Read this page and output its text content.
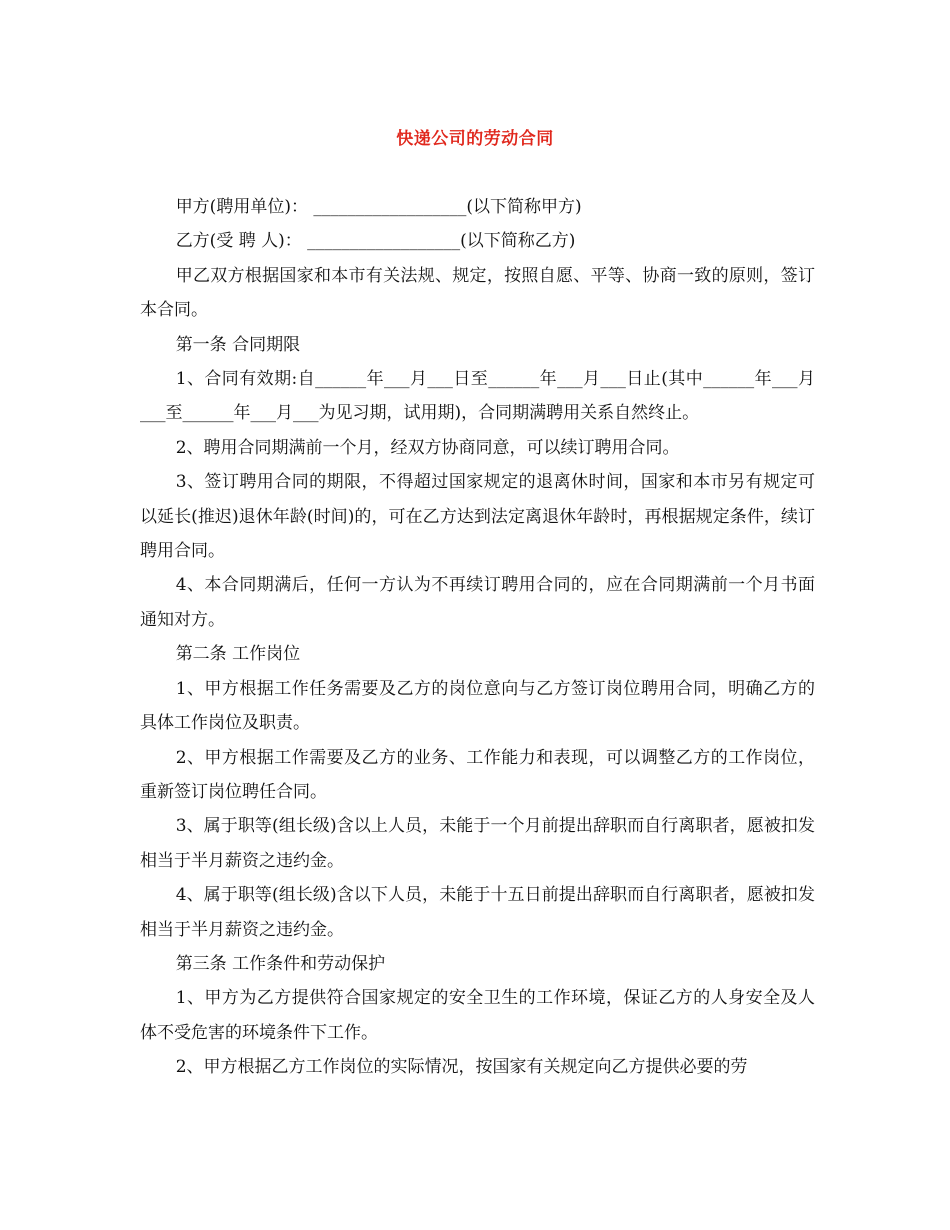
快递公司的劳动合同

甲方(聘用单位)： __________________(以下简称甲方)

乙方(受 聘 人)： __________________(以下简称乙方)

甲乙双方根据国家和本市有关法规、规定，按照自愿、平等、协商一致的原则，签订本合同。

第一条 合同期限

1、合同有效期:自______年___月___日至______年___月___日止(其中______年___月___至______年___月___为见习期，试用期)，合同期满聘用关系自然终止。

2、聘用合同期满前一个月，经双方协商同意，可以续订聘用合同。

3、签订聘用合同的期限，不得超过国家规定的退离休时间，国家和本市另有规定可以延长(推迟)退休年龄(时间)的，可在乙方达到法定离退休年龄时，再根据规定条件，续订聘用合同。

4、本合同期满后，任何一方认为不再续订聘用合同的，应在合同期满前一个月书面通知对方。

第二条 工作岗位

1、甲方根据工作任务需要及乙方的岗位意向与乙方签订岗位聘用合同，明确乙方的具体工作岗位及职责。

2、甲方根据工作需要及乙方的业务、工作能力和表现，可以调整乙方的工作岗位，重新签订岗位聘任合同。

3、属于职等(组长级)含以上人员，未能于一个月前提出辞职而自行离职者，愿被扣发相当于半月薪资之违约金。

4、属于职等(组长级)含以下人员，未能于十五日前提出辞职而自行离职者，愿被扣发相当于半月薪资之违约金。

第三条 工作条件和劳动保护

1、甲方为乙方提供符合国家规定的安全卫生的工作环境，保证乙方的人身安全及人体不受危害的环境条件下工作。

2、甲方根据乙方工作岗位的实际情况，按国家有关规定向乙方提供必要的劳
